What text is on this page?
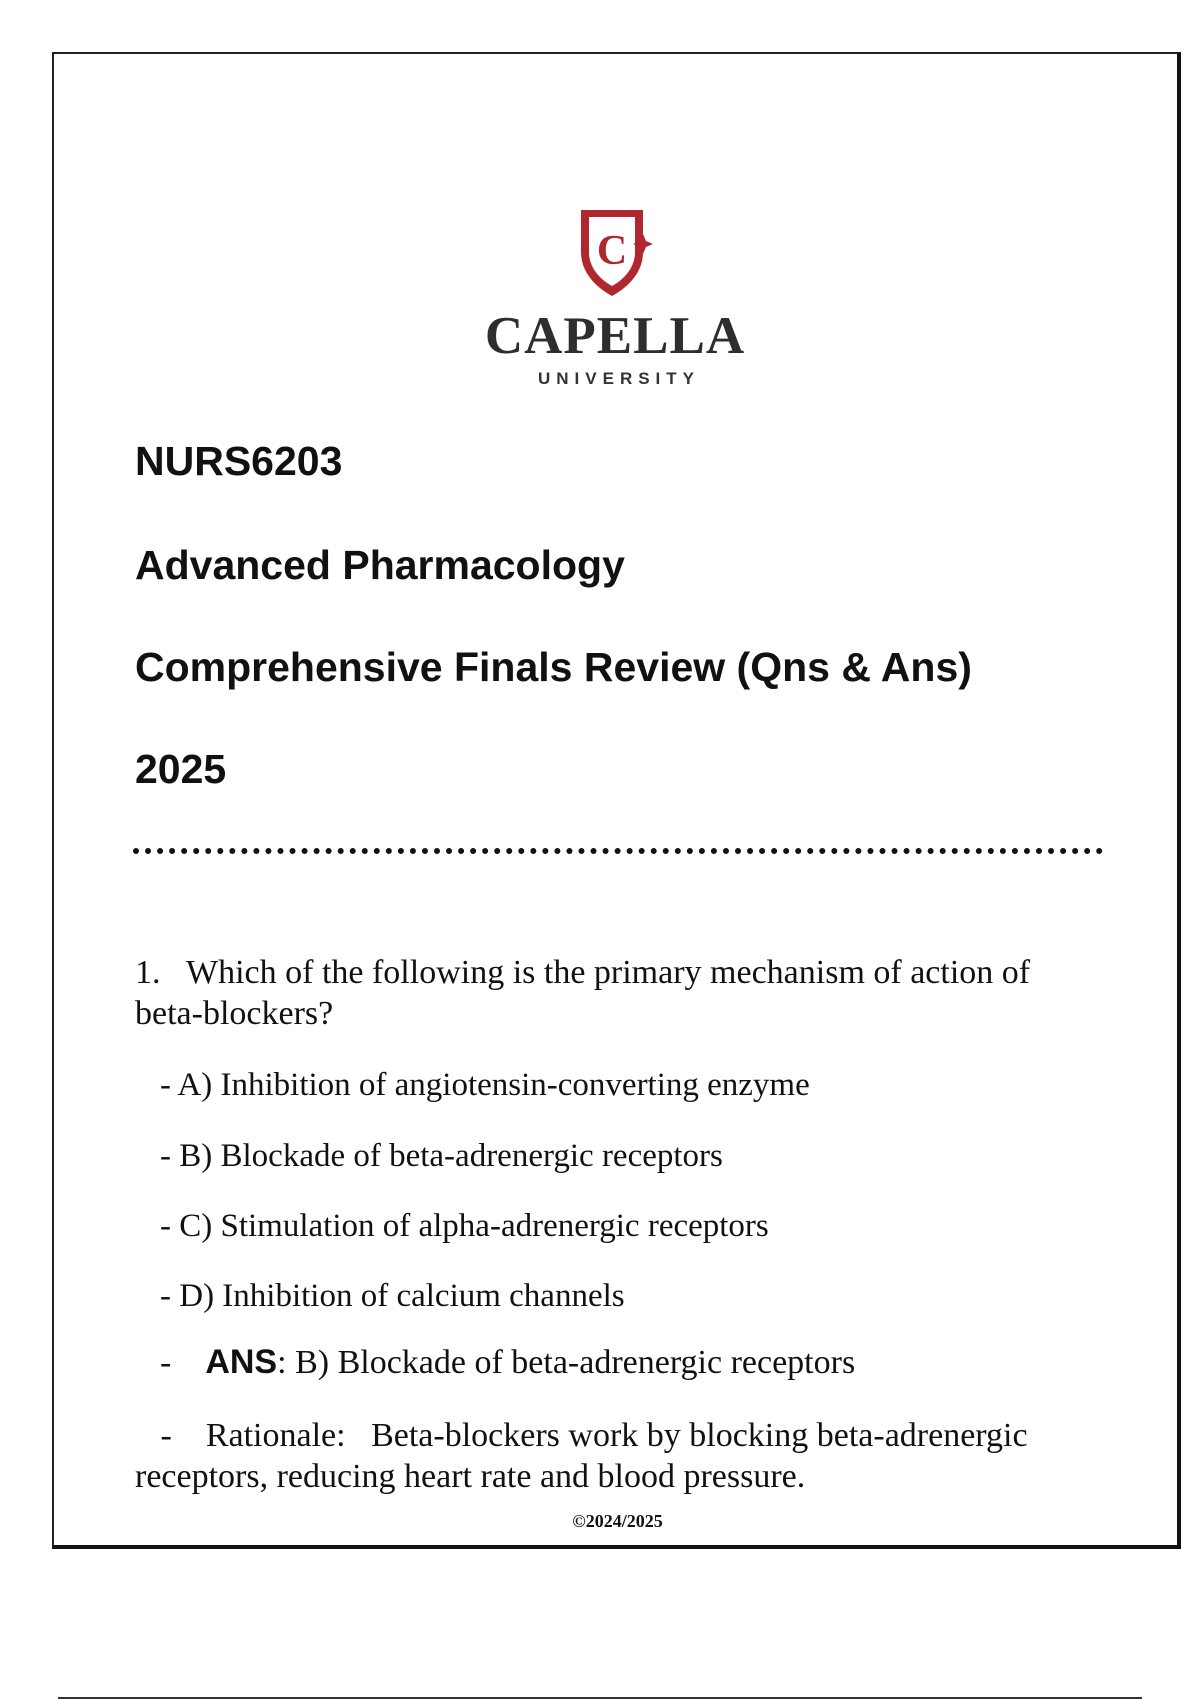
C
CAPELLA
UNIVERSITY
NURS6203
Advanced Pharmacology
Comprehensive Finals Review (Qns & Ans)
2025

1. Which of the following is the primary mechanism of action of beta-blockers?

- A) Inhibition of angiotensin-converting enzyme

- B) Blockade of beta-adrenergic receptors

- C) Stimulation of alpha-adrenergic receptors

- D) Inhibition of calcium channels

- ANS: B) Blockade of beta-adrenergic receptors

- Rationale: Beta-blockers work by blocking beta-adrenergic receptors, reducing heart rate and blood pressure.

©2024/2025
